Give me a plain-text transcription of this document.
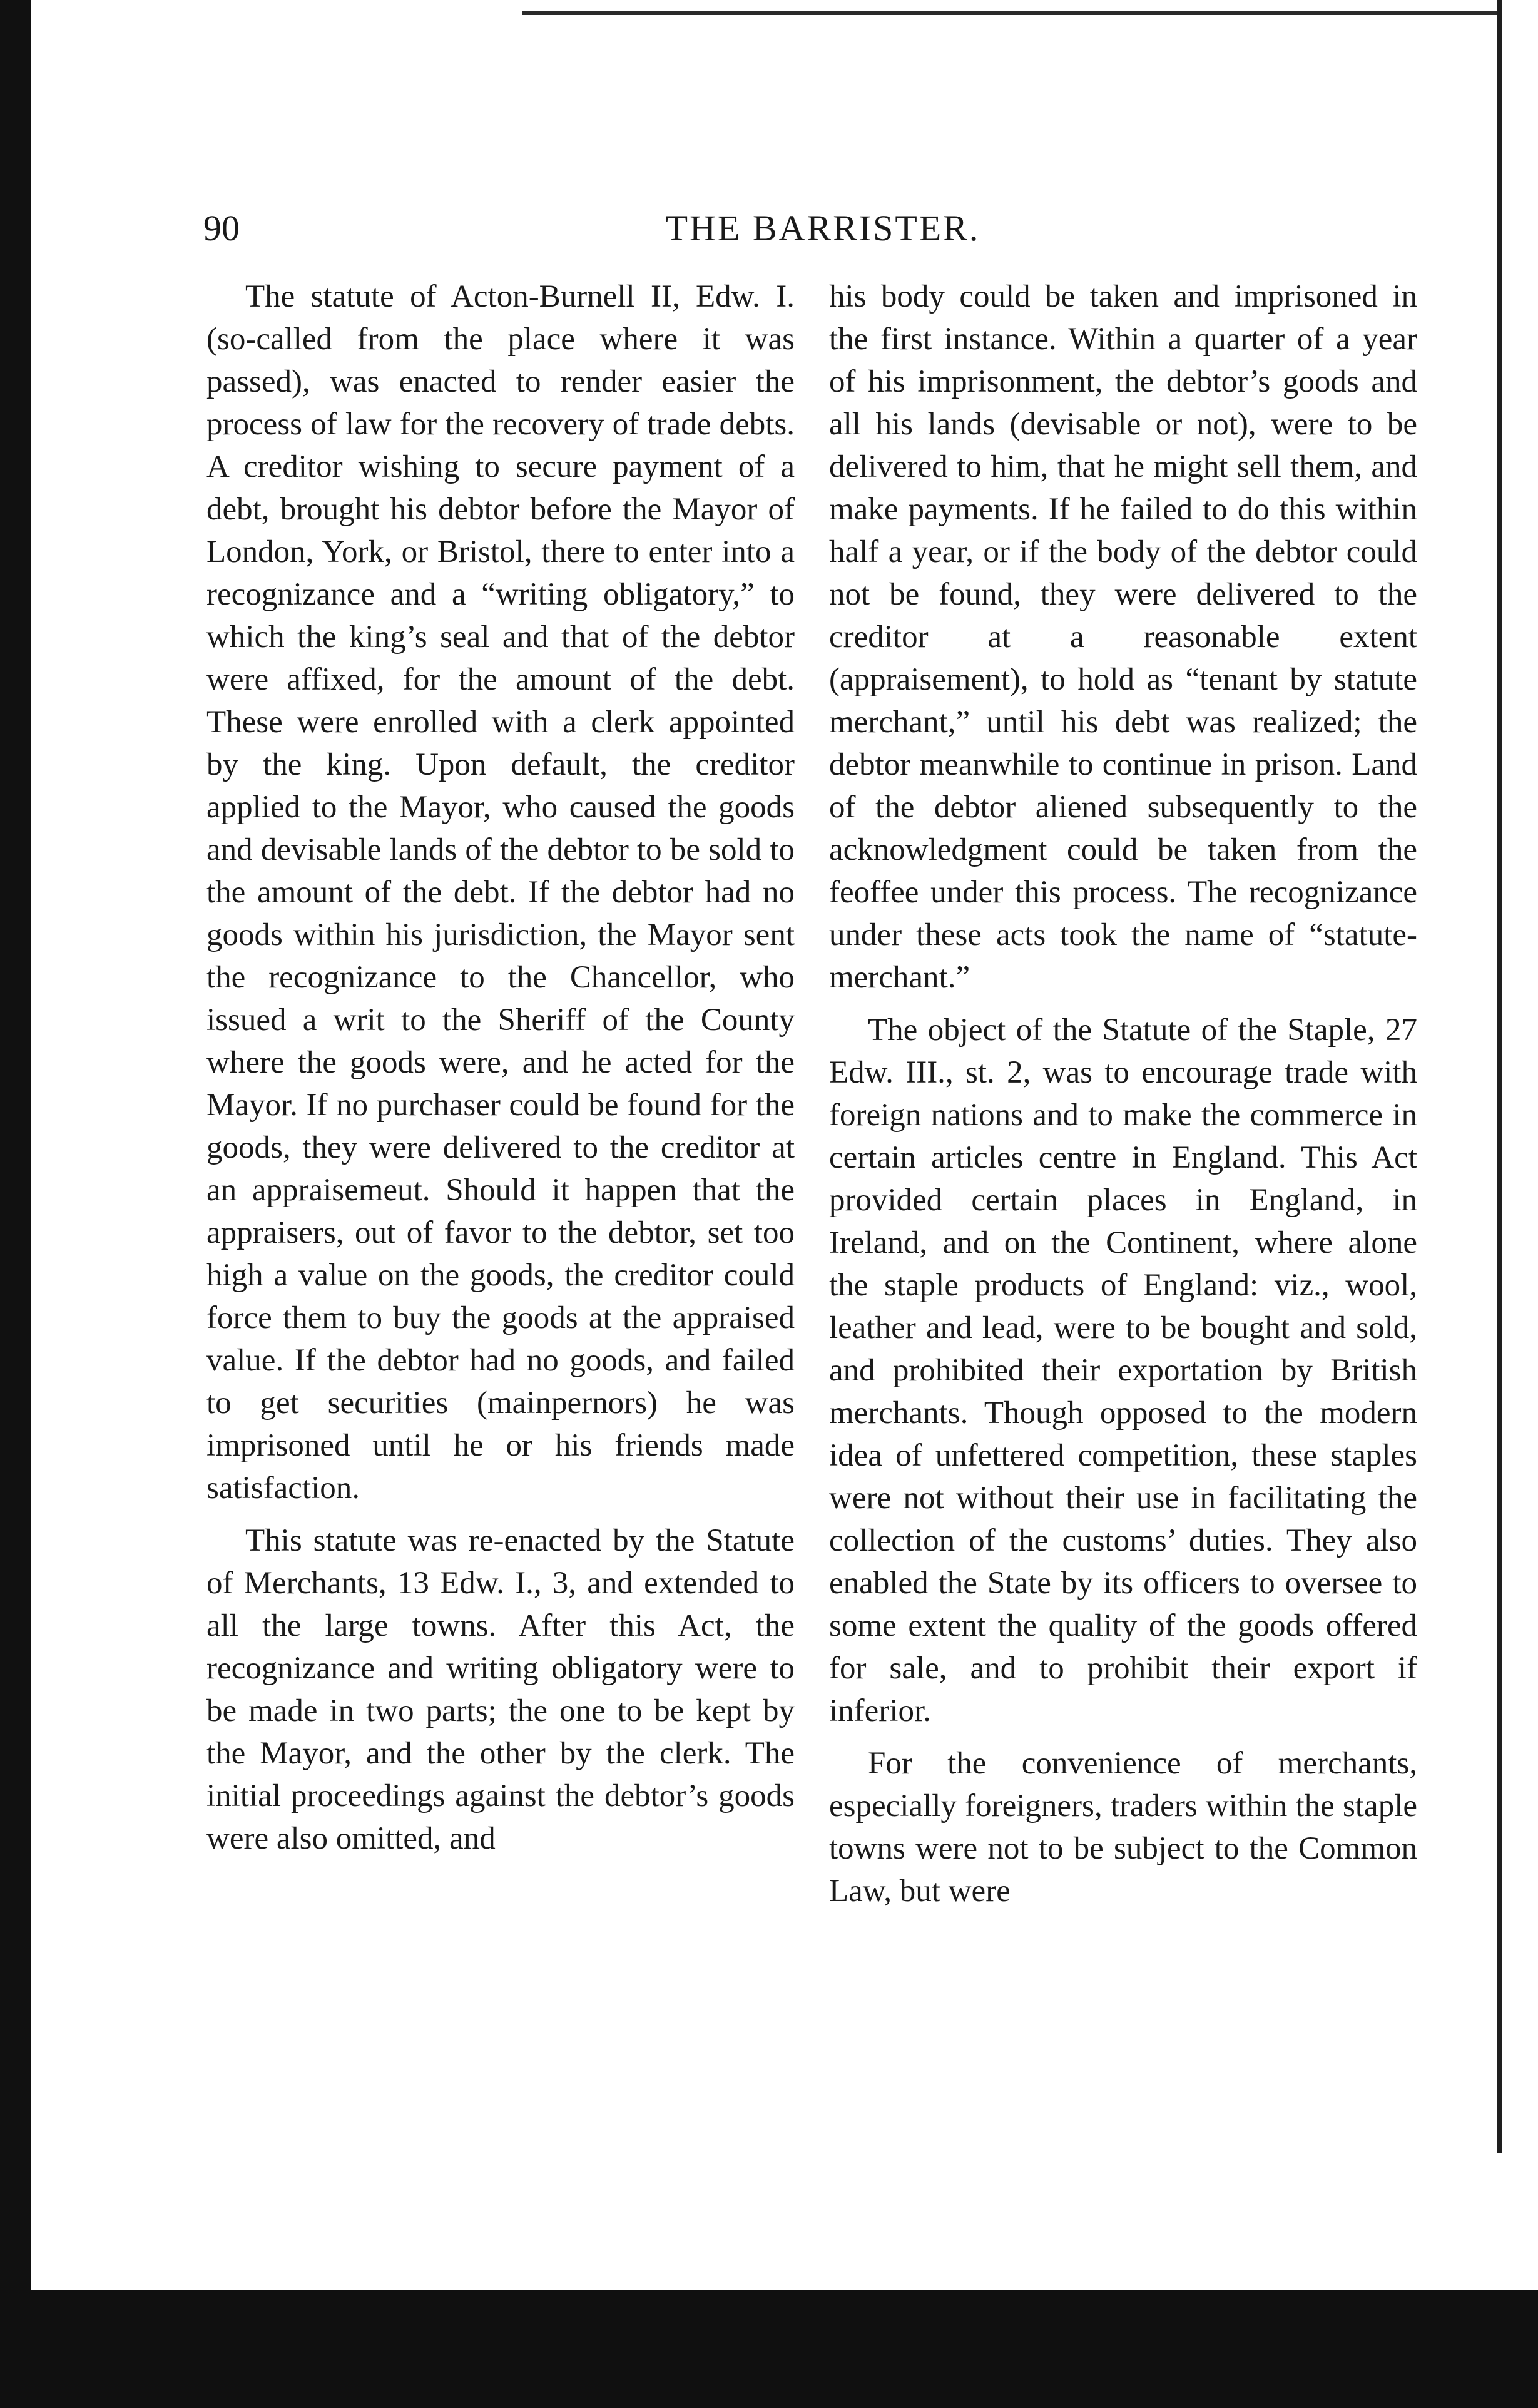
90	THE BARRISTER.

The statute of Acton-Burnell II, Edw. I. (so-called from the place where it was passed), was enacted to render easier the process of law for the recovery of trade debts. A creditor wishing to secure payment of a debt, brought his debtor before the Mayor of London, York, or Bristol, there to enter into a recognizance and a “writing obligatory,” to which the king’s seal and that of the debtor were affixed, for the amount of the debt. These were enrolled with a clerk appointed by the king. Upon default, the creditor applied to the Mayor, who caused the goods and devisable lands of the debtor to be sold to the amount of the debt. If the debtor had no goods within his jurisdiction, the Mayor sent the recognizance to the Chancellor, who issued a writ to the Sheriff of the County where the goods were, and he acted for the Mayor. If no purchaser could be found for the goods, they were delivered to the creditor at an appraisemeut. Should it happen that the appraisers, out of favor to the debtor, set too high a value on the goods, the creditor could force them to buy the goods at the appraised value. If the debtor had no goods, and failed to get securities (mainpernors) he was imprisoned until he or his friends made satisfaction.

This statute was re-enacted by the Statute of Merchants, 13 Edw. I., 3, and extended to all the large towns. After this Act, the recognizance and writing obligatory were to be made in two parts; the one to be kept by the Mayor, and the other by the clerk. The initial proceedings against the debtor’s goods were also omitted, and

his body could be taken and imprisoned in the first instance. Within a quarter of a year of his imprisonment, the debtor’s goods and all his lands (devisable or not), were to be delivered to him, that he might sell them, and make payments. If he failed to do this within half a year, or if the body of the debtor could not be found, they were delivered to the creditor at a reasonable extent (appraisement), to hold as “tenant by statute merchant,” until his debt was realized; the debtor meanwhile to continue in prison. Land of the debtor aliened subsequently to the acknowledgment could be taken from the feoffee under this process. The recognizance under these acts took the name of “statute-merchant.”

The object of the Statute of the Staple, 27 Edw. III., st. 2, was to encourage trade with foreign nations and to make the commerce in certain articles centre in England. This Act provided certain places in England, in Ireland, and on the Continent, where alone the staple products of England: viz., wool, leather and lead, were to be bought and sold, and prohibited their exportation by British merchants. Though opposed to the modern idea of unfettered competition, these staples were not without their use in facilitating the collection of the customs’ duties. They also enabled the State by its officers to oversee to some extent the quality of the goods offered for sale, and to prohibit their export if inferior.

For the convenience of merchants, especially foreigners, traders within the staple towns were not to be subject to the Common Law, but were
